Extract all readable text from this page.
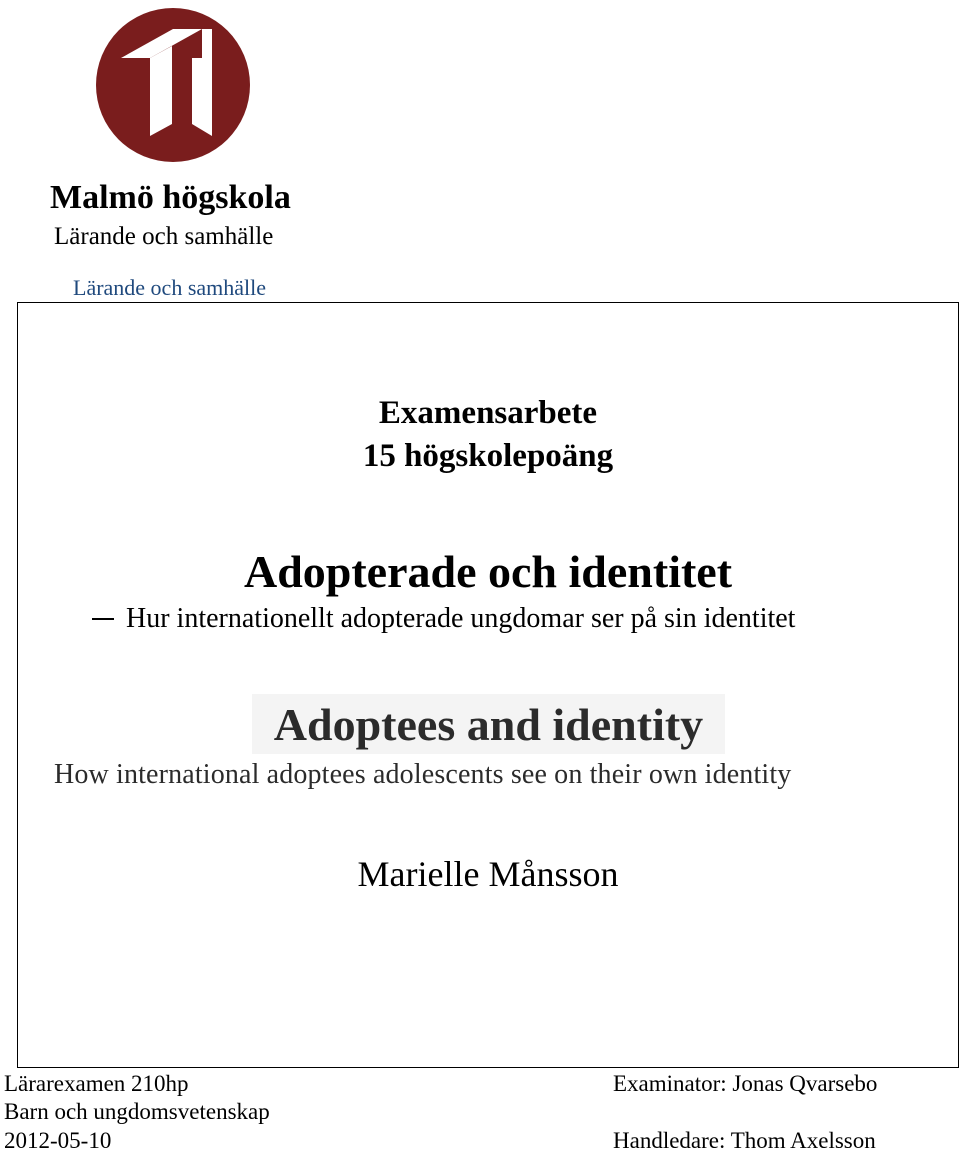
Malmö högskola
Lärande och samhälle
Lärande och samhälle
Examensarbete
15 högskolepoäng
Adopterade och identitet
Hur internationellt adopterade ungdomar ser på sin identitet
Adoptees and identity
How international adoptees adolescents see on their own identity
Marielle Månsson
Lärarexamen 210hp
Barn och ungdomsvetenskap
2012-05-10
Examinator: Jonas Qvarsebo
Handledare: Thom Axelsson
